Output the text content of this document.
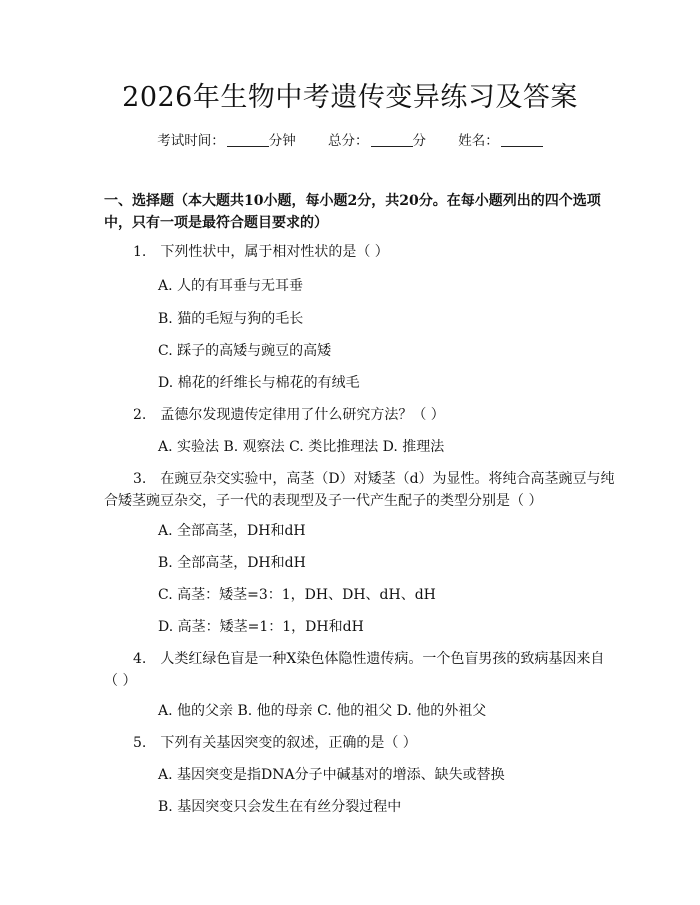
2026年生物中考遗传变异练习及答案
考试时间：	分钟 总分：	分 姓名：
一、选择题（本大题共10小题，每小题2分，共20分。在每小题列出的四个选项中，只有一项是最符合题目要求的）
1.　下列性状中，属于相对性状的是（ ）
A. 人的有耳垂与无耳垂
B. 猫的毛短与狗的毛长
C. 踩子的高矮与豌豆的高矮
D. 棉花的纤维长与棉花的有绒毛
2.　孟德尔发现遗传定律用了什么研究方法？（ ）
A. 实验法 B. 观察法 C. 类比推理法 D. 推理法
3.　在豌豆杂交实验中，高茎（D）对矮茎（d）为显性。将纯合高茎豌豆与纯
合矮茎豌豆杂交，子一代的表现型及子一代产生配子的类型分别是（ ）
A. 全部高茎，DH和dH
B. 全部高茎，DH和dH
C. 高茎：矮茎=3：1，DH、DH、dH、dH
D. 高茎：矮茎=1：1，DH和dH
4.　人类红绿色盲是一种X染色体隐性遗传病。一个色盲男孩的致病基因来自
（ ）
A. 他的父亲 B. 他的母亲 C. 他的祖父 D. 他的外祖父
5.　下列有关基因突变的叙述，正确的是（ ）
A. 基因突变是指DNA分子中碱基对的增添、缺失或替换
B. 基因突变只会发生在有丝分裂过程中
